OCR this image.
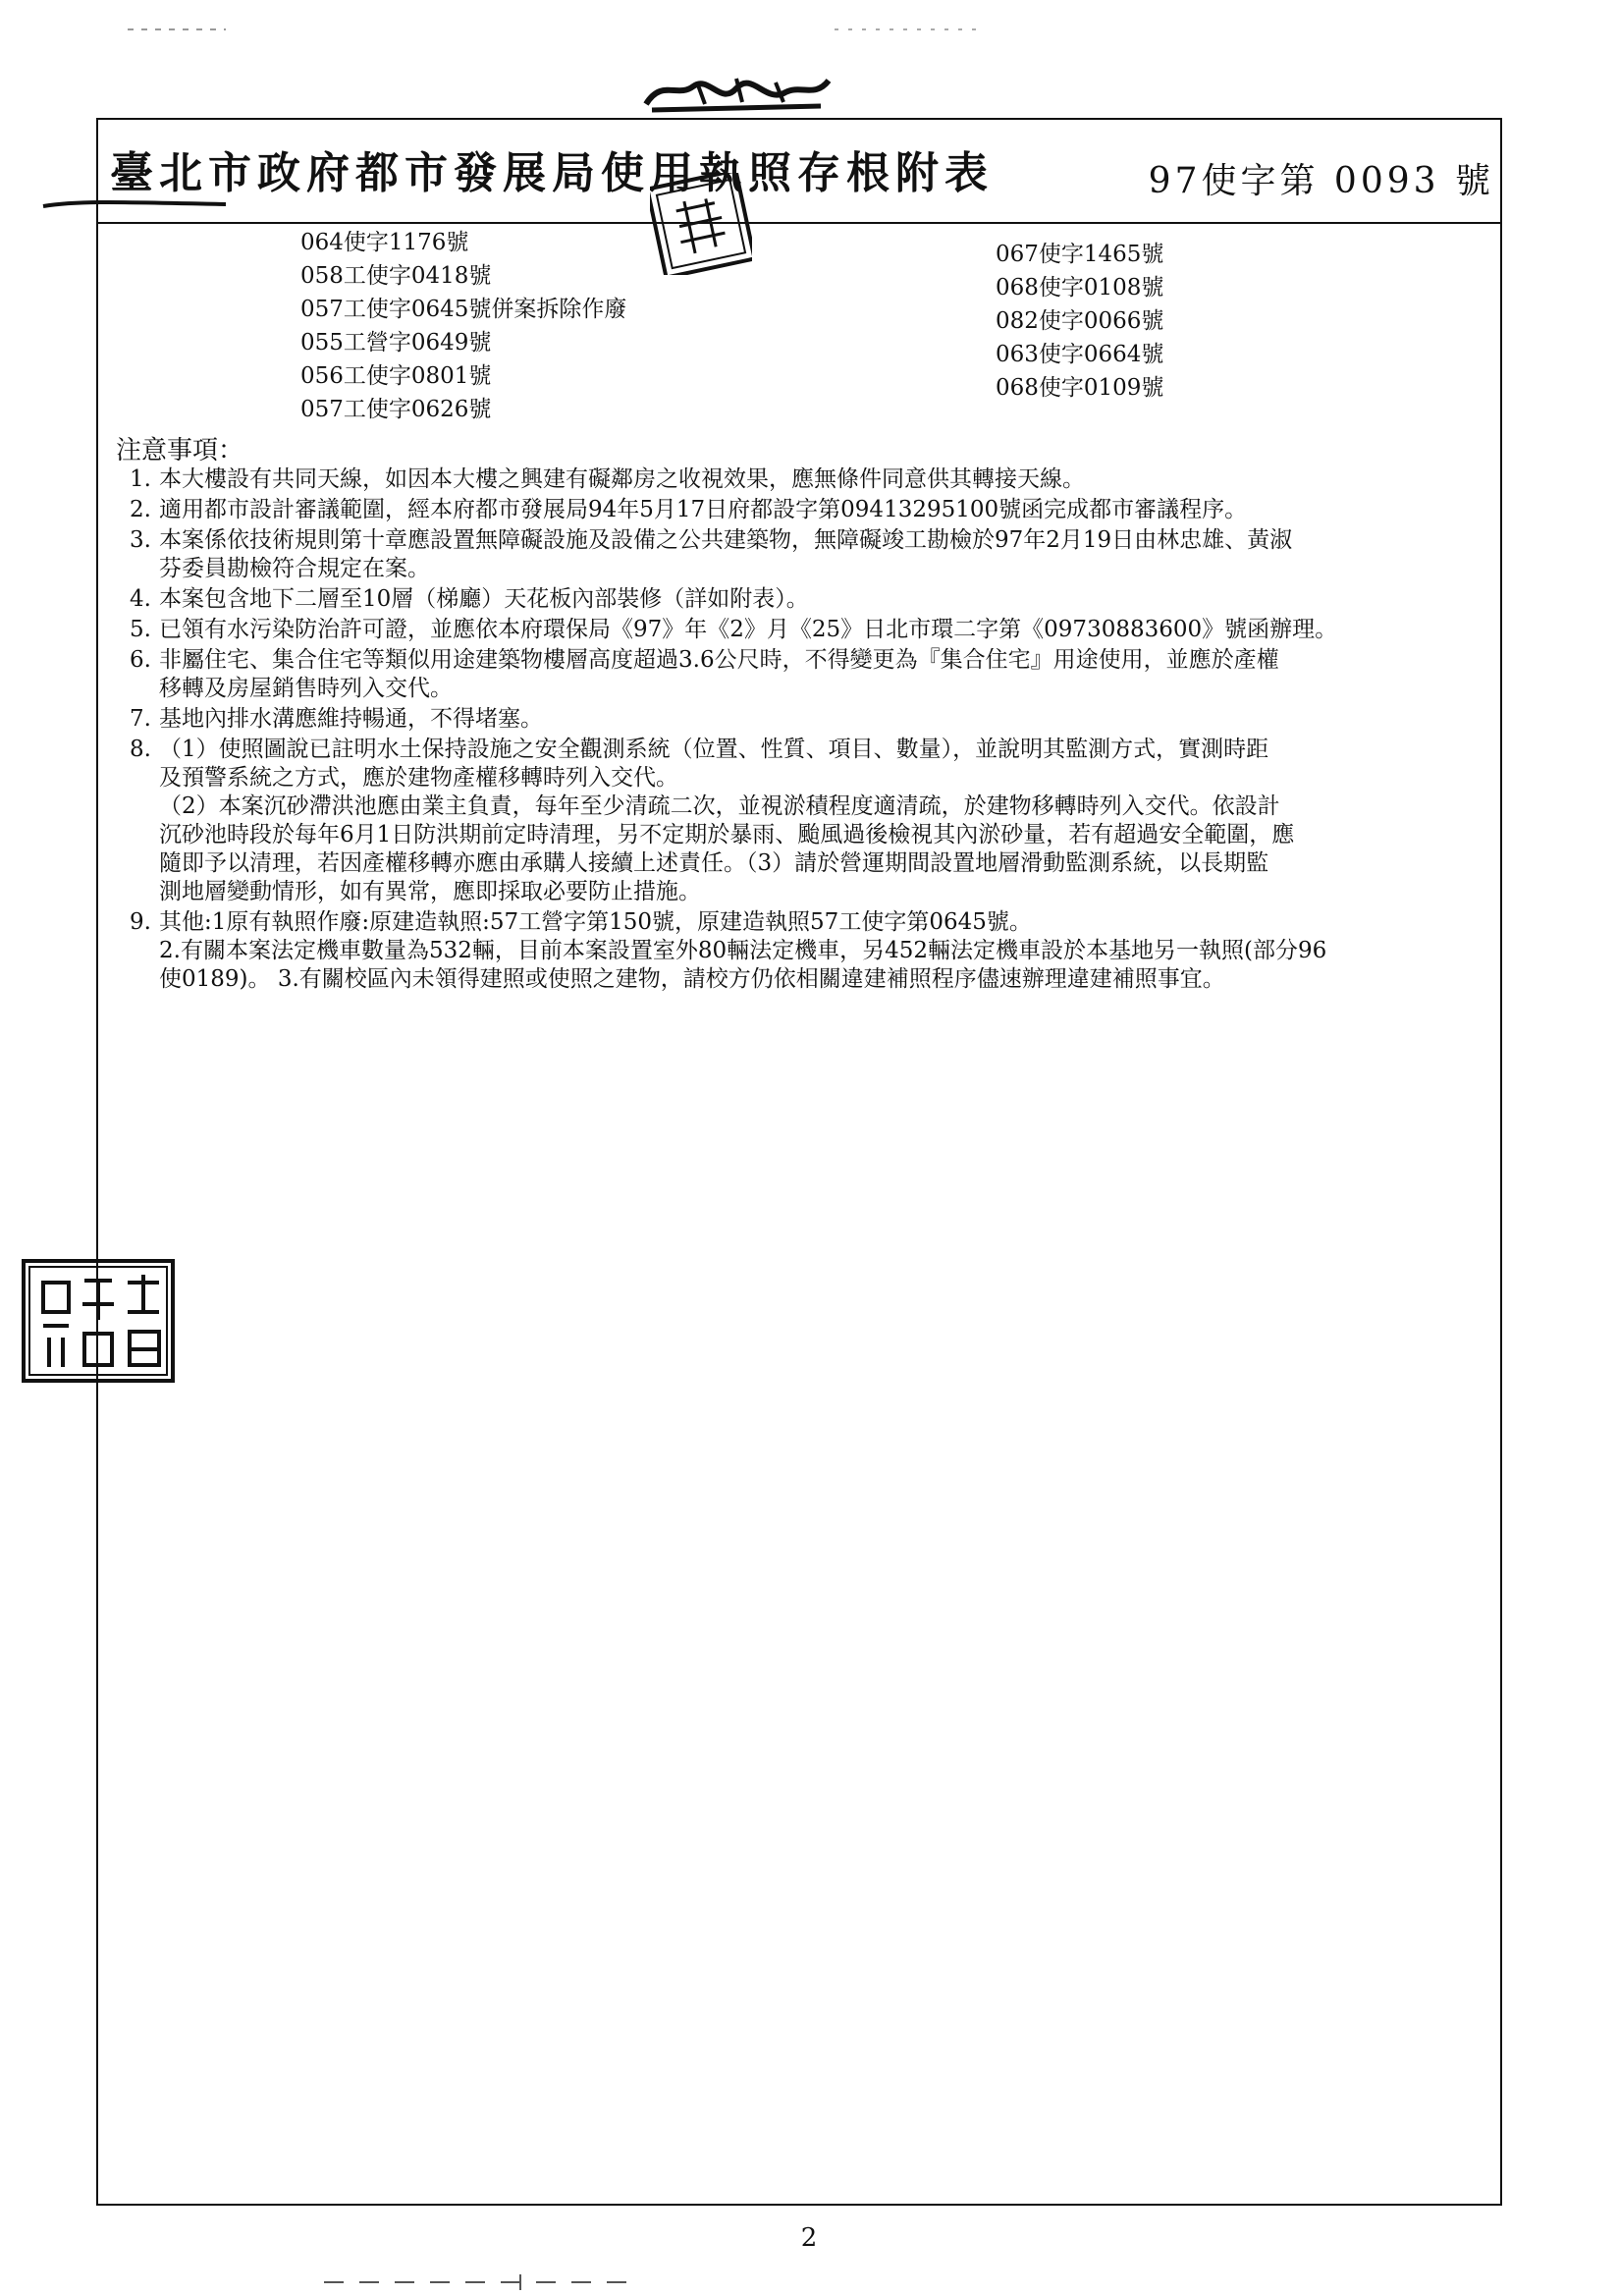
臺北市政府都市發展局使用執照存根附表	97使字第 0093 號
064使字1176號
058工使字0418號
057工使字0645號併案拆除作廢
055工營字0649號
056工使字0801號
057工使字0626號
067使字1465號
068使字0108號
082使字0066號
063使字0664號
068使字0109號
注意事項：
1. 本大樓設有共同天線，如因本大樓之興建有礙鄰房之收視效果，應無條件同意供其轉接天線。
2. 適用都市設計審議範圍，經本府都市發展局94年5月17日府都設字第09413295100號函完成都市審議程序。
3. 本案係依技術規則第十章應設置無障礙設施及設備之公共建築物，無障礙竣工勘檢於97年2月19日由林忠雄、黃淑
芬委員勘檢符合規定在案。
4. 本案包含地下二層至10層（梯廳）天花板內部裝修（詳如附表）。
5. 已領有水污染防治許可證，並應依本府環保局《97》年《2》月《25》日北市環二字第《09730883600》號函辦理。
6. 非屬住宅、集合住宅等類似用途建築物樓層高度超過3.6公尺時，不得變更為『集合住宅』用途使用，並應於產權
移轉及房屋銷售時列入交代。
7. 基地內排水溝應維持暢通，不得堵塞。
8. （1）使照圖說已註明水土保持設施之安全觀測系統（位置、性質、項目、數量），並說明其監測方式，實測時距
及預警系統之方式，應於建物產權移轉時列入交代。
（2）本案沉砂滯洪池應由業主負責，每年至少清疏二次，並視淤積程度適清疏，於建物移轉時列入交代。依設計
沉砂池時段於每年6月1日防洪期前定時清理，另不定期於暴雨、颱風過後檢視其內淤砂量，若有超過安全範圍，應
隨即予以清理，若因產權移轉亦應由承購人接續上述責任。（3）請於營運期間設置地層滑動監測系統，以長期監
測地層變動情形，如有異常，應即採取必要防止措施。
9. 其他:1原有執照作廢:原建造執照:57工營字第150號，原建造執照57工使字第0645號。
2.有關本案法定機車數量為532輛，目前本案設置室外80輛法定機車，另452輛法定機車設於本基地另一執照(部分96
使0189)。 3.有關校區內未領得建照或使照之建物，請校方仍依相關違建補照程序儘速辦理違建補照事宜。
2
